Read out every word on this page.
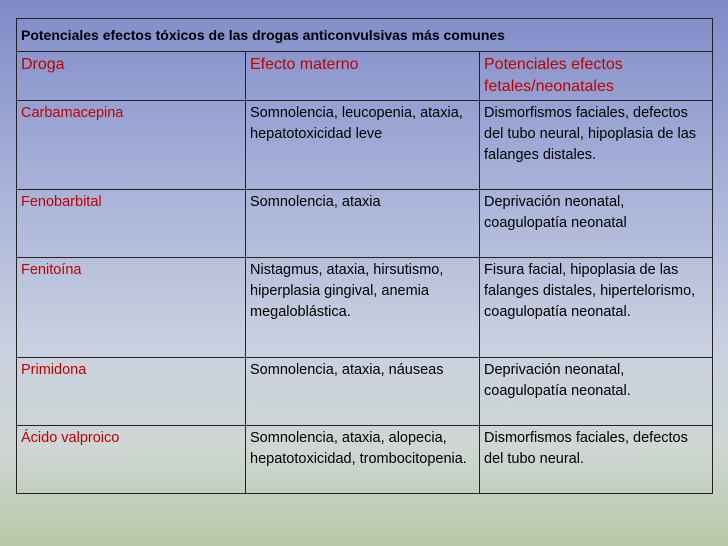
Potenciales efectos tóxicos de las drogas anticonvulsivas más comunes		
Droga	Efecto materno	Potenciales efectos fetales/neonatales
Carbamacepina	Somnolencia, leucopenia, ataxia, hepatotoxicidad leve	Dismorfismos faciales, defectos del tubo neural, hipoplasia de las falanges distales.
Fenobarbital	Somnolencia, ataxia	Deprivación neonatal, coagulopatía neonatal
Fenitoína	Nistagmus, ataxia, hirsutismo, hiperplasia gingival, anemia megaloblástica.	Fisura facial, hipoplasia de las falanges distales, hipertelorismo, coagulopatía neonatal.
Primidona	Somnolencia, ataxia, náuseas	Deprivación neonatal, coagulopatía neonatal.
Ácido valproico	Somnolencia, ataxia, alopecia, hepatotoxicidad, trombocitopenia.	Dismorfismos faciales, defectos del tubo neural.
